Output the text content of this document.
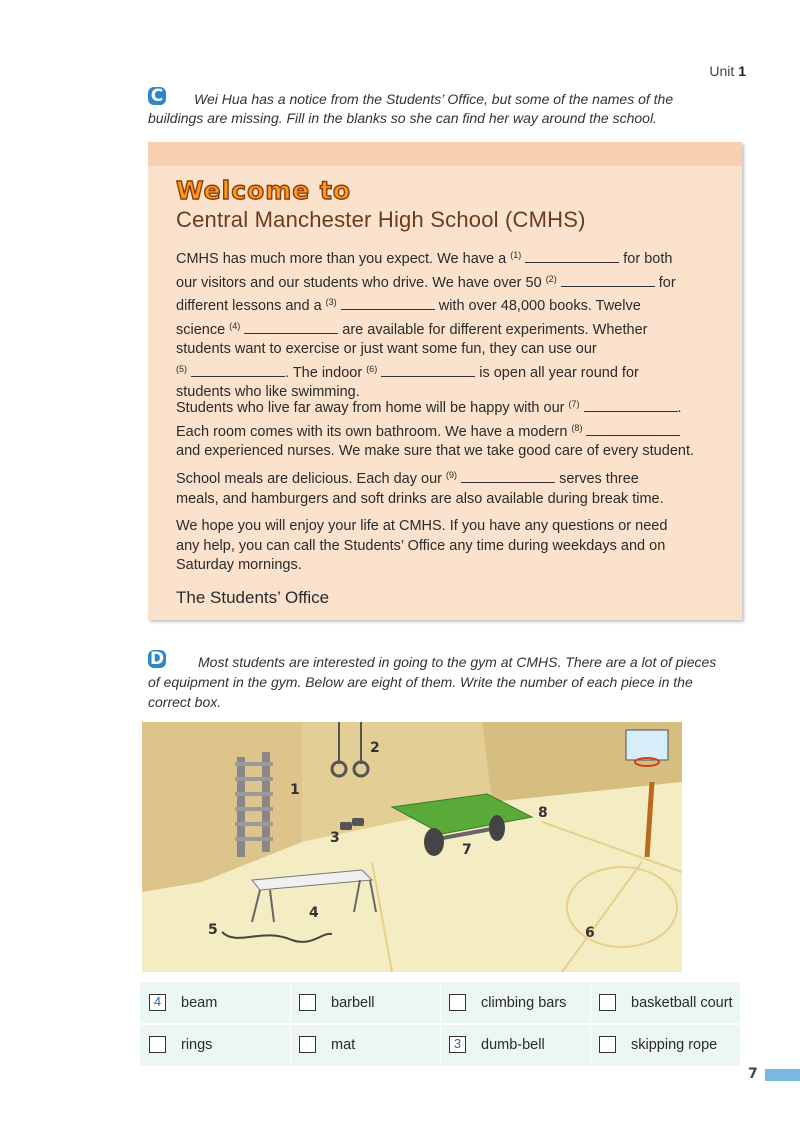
Unit 1
C Wei Hua has a notice from the Students’ Office, but some of the names of the
buildings are missing. Fill in the blanks so she can find her way around the school.
Welcome to
Central Manchester High School (CMHS)
CMHS has much more than you expect. We have a $^{(1)}$	for both
our visitors and our students who drive. We have over 50 $^{(2)}$	for
different lessons and a $^{(3)}$	with over 48,000 books. Twelve
science $^{(4)}$	are available for different experiments. Whether
students want to exercise or just want some fun, they can use our
$^{(5)}$	. The indoor $^{(6)}$	is open all year round for
students who like swimming.
Students who live far away from home will be happy with our $^{(7)}$	.
Each room comes with its own bathroom. We have a modern $^{(8)}$
and experienced nurses. We make sure that we take good care of every student.
School meals are delicious. Each day our $^{(9)}$	serves three
meals, and hamburgers and soft drinks are also available during break time.
We hope you will enjoy your life at CMHS. If you have any questions or need
any help, you can call the Students’ Office any time during weekdays and on
Saturday mornings.
The Students’ Office
D Most students are interested in going to the gym at CMHS. There are a lot of pieces
of equipment in the gym. Below are eight of them. Write the number of each piece in the
correct box.
1
2
3
4
5	6
7
8
4	beam	barbell	climbing bars	basketball court
rings	mat	3	dumb-bell	skipping rope
7
